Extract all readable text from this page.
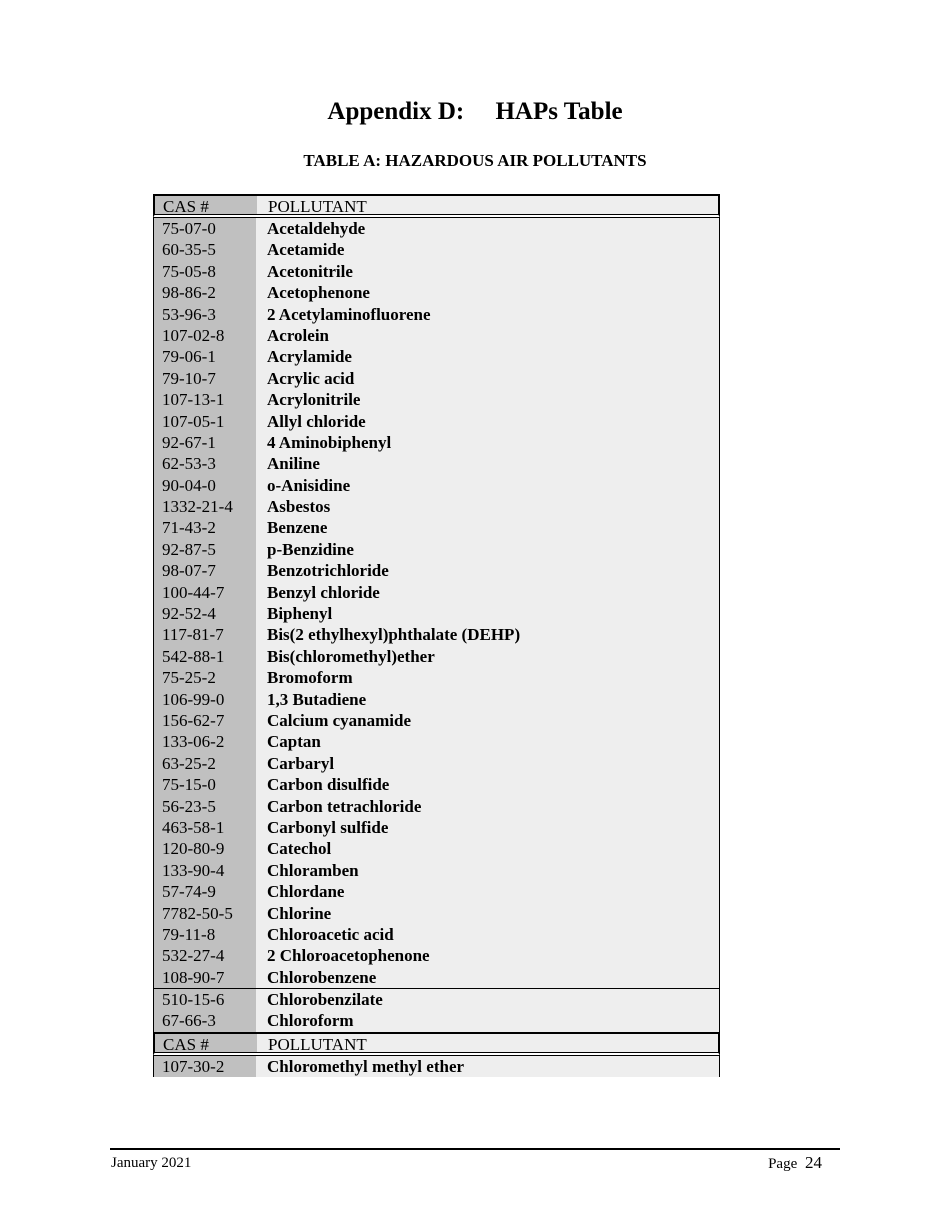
Appendix D:     HAPs Table
TABLE A: HAZARDOUS AIR POLLUTANTS
CAS #	POLLUTANT
75-07-0	Acetaldehyde
60-35-5	Acetamide
75-05-8	Acetonitrile
98-86-2	Acetophenone
53-96-3	2 Acetylaminofluorene
107-02-8	Acrolein
79-06-1	Acrylamide
79-10-7	Acrylic acid
107-13-1	Acrylonitrile
107-05-1	Allyl chloride
92-67-1	4 Aminobiphenyl
62-53-3	Aniline
90-04-0	o-Anisidine
1332-21-4	Asbestos
71-43-2	Benzene
92-87-5	p-Benzidine
98-07-7	Benzotrichloride
100-44-7	Benzyl chloride
92-52-4	Biphenyl
117-81-7	Bis(2 ethylhexyl)phthalate (DEHP)
542-88-1	Bis(chloromethyl)ether
75-25-2	Bromoform
106-99-0	1,3 Butadiene
156-62-7	Calcium cyanamide
133-06-2	Captan
63-25-2	Carbaryl
75-15-0	Carbon disulfide
56-23-5	Carbon tetrachloride
463-58-1	Carbonyl sulfide
120-80-9	Catechol
133-90-4	Chloramben
57-74-9	Chlordane
7782-50-5	Chlorine
79-11-8	Chloroacetic acid
532-27-4	2 Chloroacetophenone
108-90-7	Chlorobenzene
510-15-6	Chlorobenzilate
67-66-3	Chloroform
CAS #	POLLUTANT
107-30-2	Chloromethyl methyl ether
January 2021	Page 24
